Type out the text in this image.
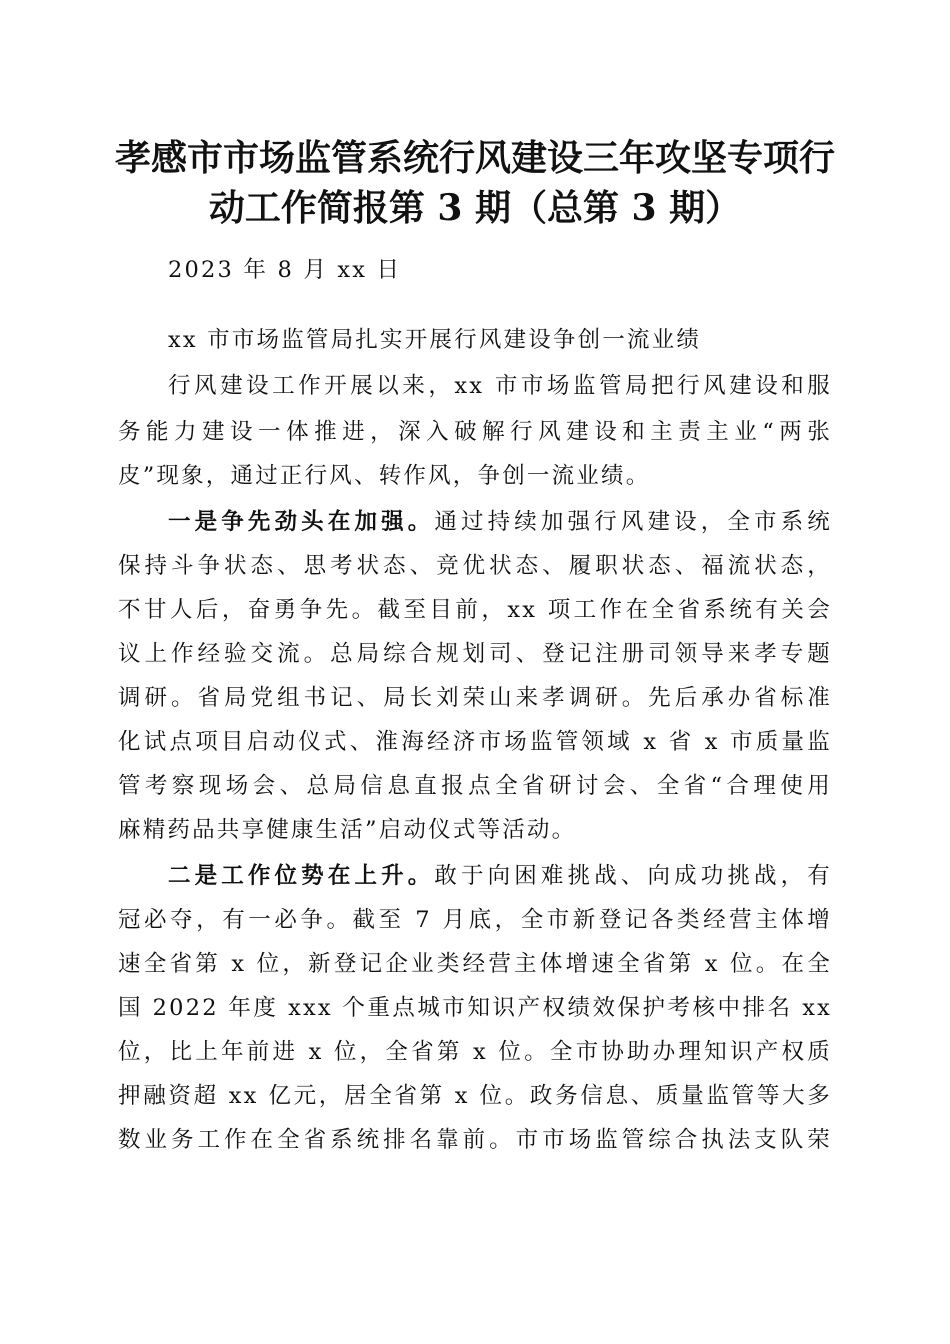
孝感市市场监管系统行风建设三年攻坚专项行
动工作简报第 3 期（总第 3 期）

2023 年 8 月 xx 日

xx 市市场监管局扎实开展行风建设争创一流业绩

行风建设工作开展以来，xx 市市场监管局把行风建设和服

务能力建设一体推进，深入破解行风建设和主责主业“两张

皮”现象，通过正行风、转作风，争创一流业绩。

一是争先劲头在加强。通过持续加强行风建设，全市系统

保持斗争状态、思考状态、竞优状态、履职状态、福流状态，

不甘人后，奋勇争先。截至目前，xx 项工作在全省系统有关会

议上作经验交流。总局综合规划司、登记注册司领导来孝专题

调研。省局党组书记、局长刘荣山来孝调研。先后承办省标准

化试点项目启动仪式、淮海经济市场监管领域 x 省 x 市质量监

管考察现场会、总局信息直报点全省研讨会、全省“合理使用

麻精药品共享健康生活”启动仪式等活动。

二是工作位势在上升。敢于向困难挑战、向成功挑战，有

冠必夺，有一必争。截至 7 月底，全市新登记各类经营主体增

速全省第 x 位，新登记企业类经营主体增速全省第 x 位。在全

国 2022 年度 xxx 个重点城市知识产权绩效保护考核中排名 xx

位，比上年前进 x 位，全省第 x 位。全市协助办理知识产权质

押融资超 xx 亿元，居全省第 x 位。政务信息、质量监管等大多

数业务工作在全省系统排名靠前。市市场监管综合执法支队荣
